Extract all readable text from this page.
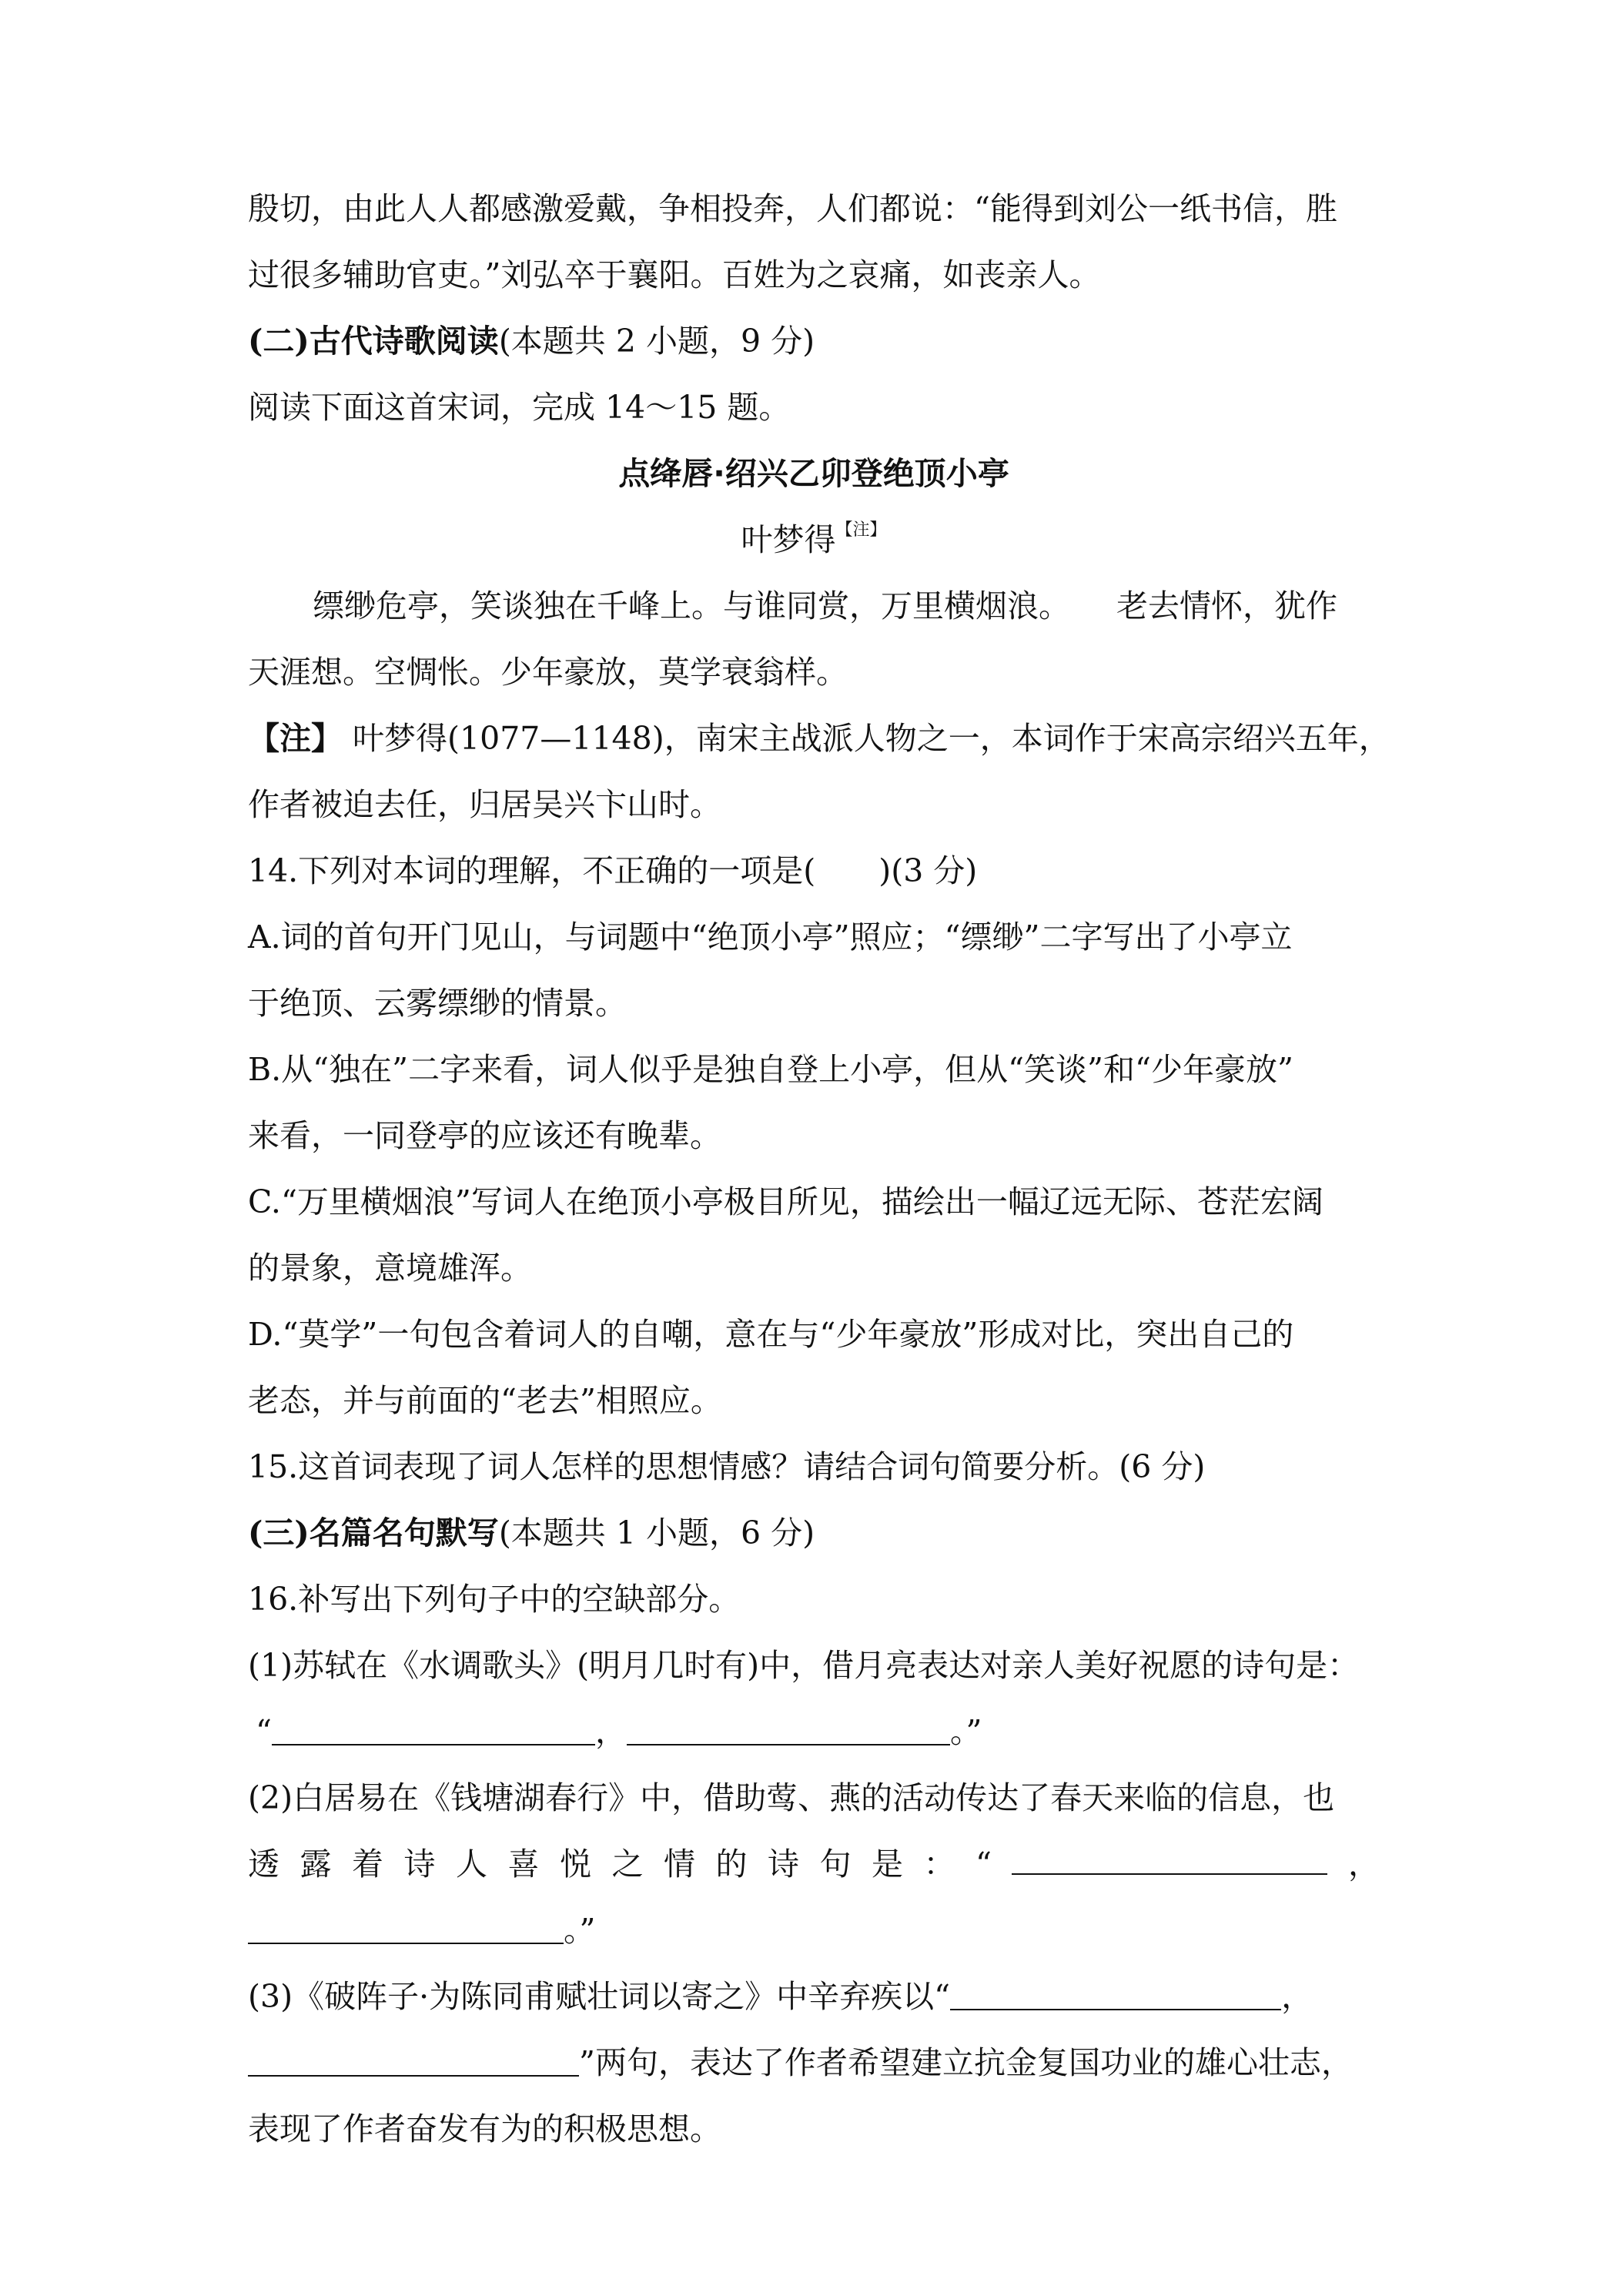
殷切，由此人人都感激爱戴，争相投奔，人们都说：“能得到刘公一纸书信，胜
过很多辅助官吏。”刘弘卒于襄阳。百姓为之哀痛，如丧亲人。
(二)古代诗歌阅读(本题共 2 小题，9 分)
阅读下面这首宋词，完成 14～15 题。
点绛唇·绍兴乙卯登绝顶小亭
叶梦得$^{【注】}$
缥缈危亭，笑谈独在千峰上。与谁同赏，万里横烟浪。 老去情怀，犹作
天涯想。空惆怅。少年豪放，莫学衰翁样。
【注】 叶梦得(1077—1148)，南宋主战派人物之一，本词作于宋高宗绍兴五年，
作者被迫去任，归居吴兴卞山时。
14.下列对本词的理解，不正确的一项是(　　)(3 分)
A.词的首句开门见山，与词题中“绝顶小亭”照应；“缥缈”二字写出了小亭立
于绝顶、云雾缥缈的情景。
B.从“独在”二字来看，词人似乎是独自登上小亭，但从“笑谈”和“少年豪放”
来看，一同登亭的应该还有晚辈。
C.“万里横烟浪”写词人在绝顶小亭极目所见，描绘出一幅辽远无际、苍茫宏阔
的景象，意境雄浑。
D.“莫学”一句包含着词人的自嘲，意在与“少年豪放”形成对比，突出自己的
老态，并与前面的“老去”相照应。
15.这首词表现了词人怎样的思想情感？请结合词句简要分析。(6 分)
(三)名篇名句默写(本题共 1 小题，6 分)
16.补写出下列句子中的空缺部分。
(1)苏轼在《水调歌头》(明月几时有)中，借月亮表达对亲人美好祝愿的诗句是：
“	，	。”
(2)白居易在《钱塘湖春行》中，借助莺、燕的活动传达了春天来临的信息，也
透 露 着 诗 人 喜 悦 之 情 的 诗 句 是 ： “	，
。”
(3)《破阵子·为陈同甫赋壮词以寄之》中辛弃疾以“	，
”两句，表达了作者希望建立抗金复国功业的雄心壮志，
表现了作者奋发有为的积极思想。
